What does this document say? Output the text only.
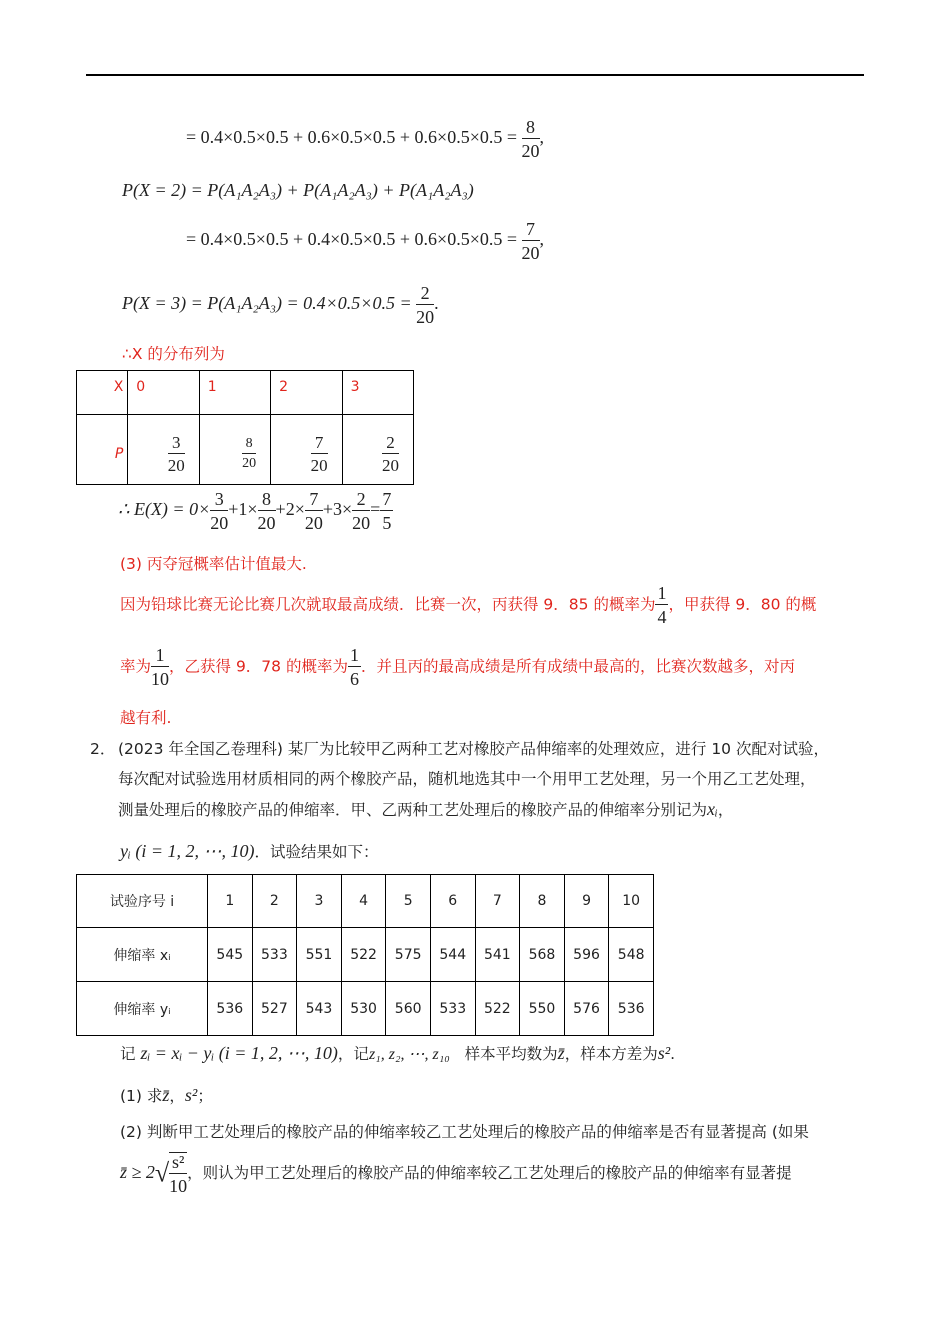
= $0.4\times 0.5\times 0.5 + 0.6\times 0.5\times 0.5 + 0.6\times 0.5\times 0.5 = \frac{8}{20}$ ,
P(X = 2) = P(A₁A₂A₃) + P(A₁A₂A₃) + P(A₁A₂A₃)
= $0.4\times 0.5\times 0.5 + 0.4\times 0.5\times 0.5 + 0.6\times 0.5\times 0.5 = \frac{7}{20}$ ,
$P(X = 3) = P(A_1A_2A_3) = 0.4\times 0.5\times 0.5 = \frac{2}{20}$ .
∴X 的分布列为
X	0	1	2	3
P	$\frac{3}{20}$	$\frac{8}{20}$	$\frac{7}{20}$	$\frac{2}{20}$
∴ $E(X) = 0\times \frac{3}{20} +1\times \frac{8}{20} +2\times \frac{7}{20} +3\times \frac{2}{20} = \frac{7}{5}$
(3) 丙夺冠概率估计值最大.
因为铅球比赛无论比赛几次就取最高成绩．比赛一次，丙获得 9．85 的概率为 $\frac{1}{4}$ ，甲获得 9．80 的概
率为 $\frac{1}{10}$ ，乙获得 9．78 的概率为 $\frac{1}{6}$ ．并且丙的最高成绩是所有成绩中最高的，比赛次数越多，对丙
越有利.
2． (2023 年全国乙卷理科) 某厂为比较甲乙两种工艺对橡胶产品伸缩率的处理效应，进行 10 次配对试验，
每次配对试验选用材质相同的两个橡胶产品，随机地选其中一个用甲工艺处理，另一个用乙工艺处理，
测量处理后的橡胶产品的伸缩率．甲、乙两种工艺处理后的橡胶产品的伸缩率分别记为xᵢ，
yᵢ (i = 1, 2, ⋯, 10)．试验结果如下：
试验序号 i	1	2	3	4	5	6	7	8	9	10
伸缩率 xᵢ	545	533	551	522	575	544	541	568	596	548
伸缩率 yᵢ	536	527	543	530	560	533	522	550	576	536
记 zᵢ = xᵢ − yᵢ (i = 1, 2, ⋯, 10)，记z₁, z₂, ⋯, z₁₀ 样本平均数为z̄，样本方差为s².
(1) 求z̄，s²；
(2) 判断甲工艺处理后的橡胶产品的伸缩率较乙工艺处理后的橡胶产品的伸缩率是否有显著提高 (如果
z̄ ≥ $2√ \frac{\text{s²}}{10}$ ，则认为甲工艺处理后的橡胶产品的伸缩率较乙工艺处理后的橡胶产品的伸缩率有显著提
